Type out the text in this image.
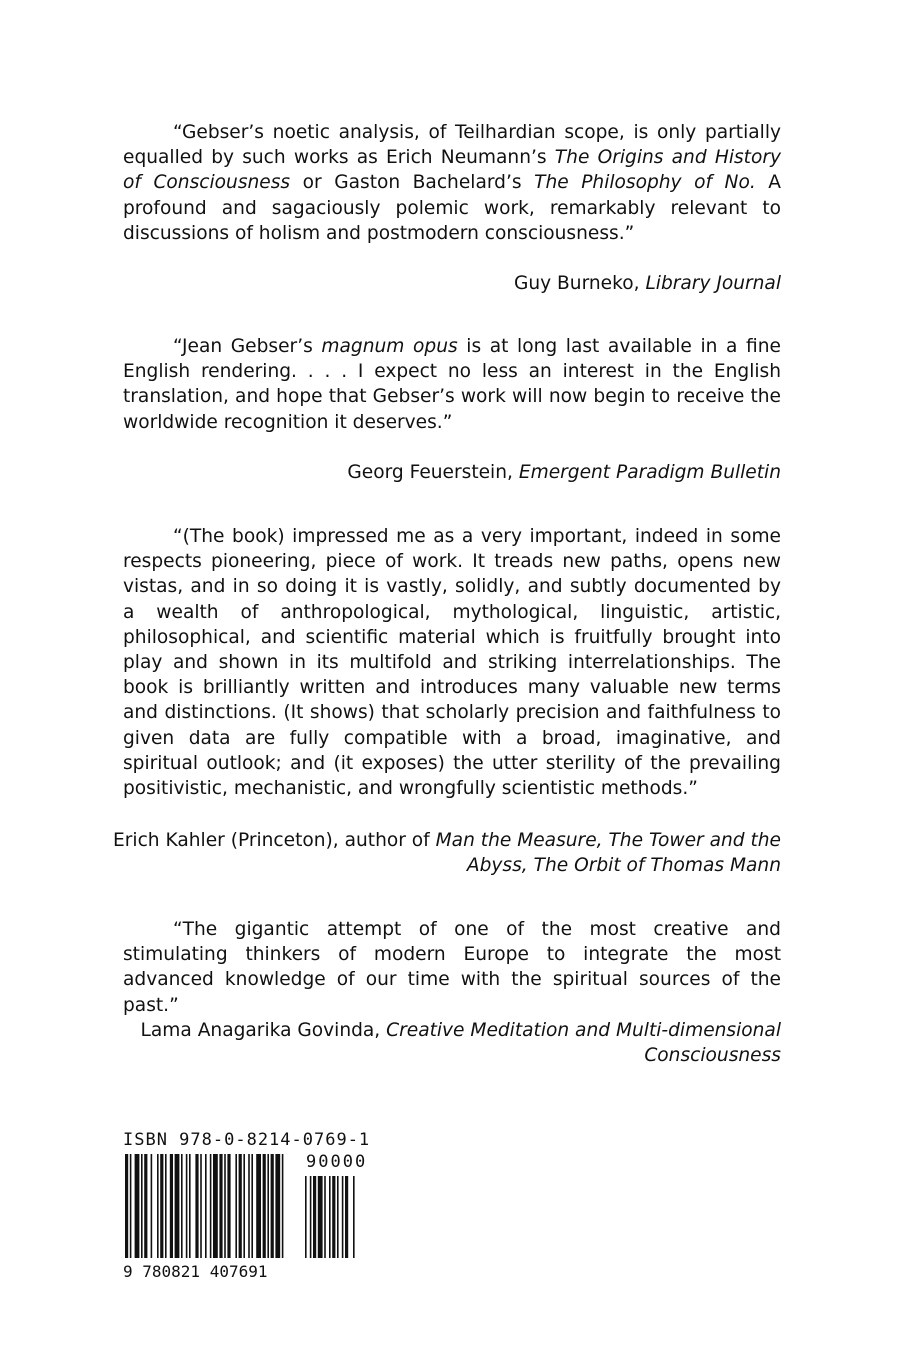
“Gebser’s noetic analysis, of Teilhardian scope, is only partially equalled by such works as Erich Neumann’s The Origins and History of Consciousness or Gaston Bachelard’s The Philosophy of No. A profound and sagaciously polemic work, remarkably relevant to discussions of holism and postmodern consciousness.”

Guy Burneko, Library Journal

“Jean Gebser’s magnum opus is at long last available in a fine English rendering. . . . I expect no less an interest in the English translation, and hope that Gebser’s work will now begin to receive the worldwide recognition it deserves.”

Georg Feuerstein, Emergent Paradigm Bulletin

“(The book) impressed me as a very important, indeed in some respects pioneering, piece of work. It treads new paths, opens new vistas, and in so doing it is vastly, solidly, and subtly documented by a wealth of anthropological, mythological, linguistic, artistic, philosophical, and scientific material which is fruitfully brought into play and shown in its multifold and striking interrelationships. The book is brilliantly written and introduces many valuable new terms and distinctions. (It shows) that scholarly precision and faithfulness to given data are fully compatible with a broad, imaginative, and spiritual outlook; and (it exposes) the utter sterility of the prevailing positivistic, mechanistic, and wrongfully scientistic methods.”

Erich Kahler (Princeton), author of Man the Measure, The Tower and the Abyss, The Orbit of Thomas Mann

“The gigantic attempt of one of the most creative and stimulating thinkers of modern Europe to integrate the most advanced knowledge of our time with the spiritual sources of the past.”

Lama Anagarika Govinda, Creative Meditation and Multi-dimensional Consciousness

ISBN 978-0-8214-0769-1
90000
9 780821 407691
